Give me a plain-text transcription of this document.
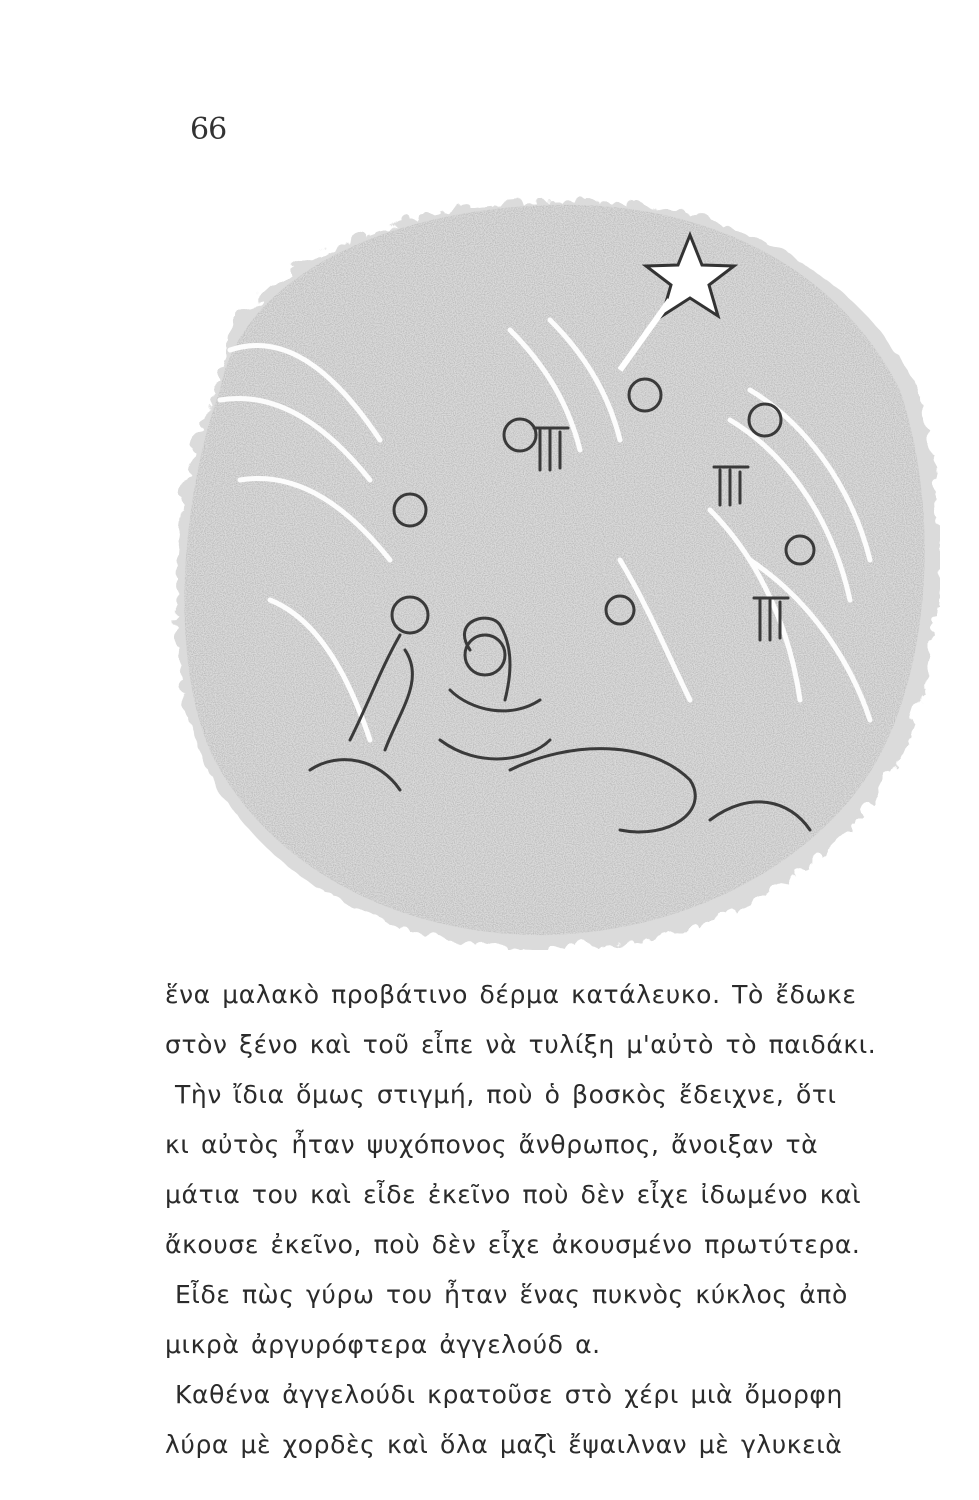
66
ἕνα μαλακὸ προβάτινο δέρμα κατάλευκο. Τὸ ἔδωκε
στὸν ξένο καὶ τοῦ εἶπε νὰ τυλίξη μ'αὐτὸ τὸ παιδάκι.
Τὴν ἴδια ὅμως στιγμή, ποὺ ὁ βοσκὸς ἔδειχνε, ὅτι
κι αὐτὸς ἦταν ψυχόπονος ἄνθρωπος, ἄνοιξαν τὰ
μάτια του καὶ εἶδε ἐκεῖνο ποὺ δὲν εἶχε ἰδωμένο καὶ
ἄκουσε ἐκεῖνο, ποὺ δὲν εἶχε ἀκουσμένο πρωτύτερα.
Εἶδε πὼς γύρω του ἦταν ἕνας πυκνὸς κύκλος ἀπὸ
μικρὰ ἀργυρόφτερα ἀγγελούδ α.
Καθένα ἀγγελούδι κρατοῦσε στὸ χέρι μιὰ ὄμορφη
λύρα μὲ χορδὲς καὶ ὅλα μαζὶ ἔψαιλναν μὲ γλυκειὰ
